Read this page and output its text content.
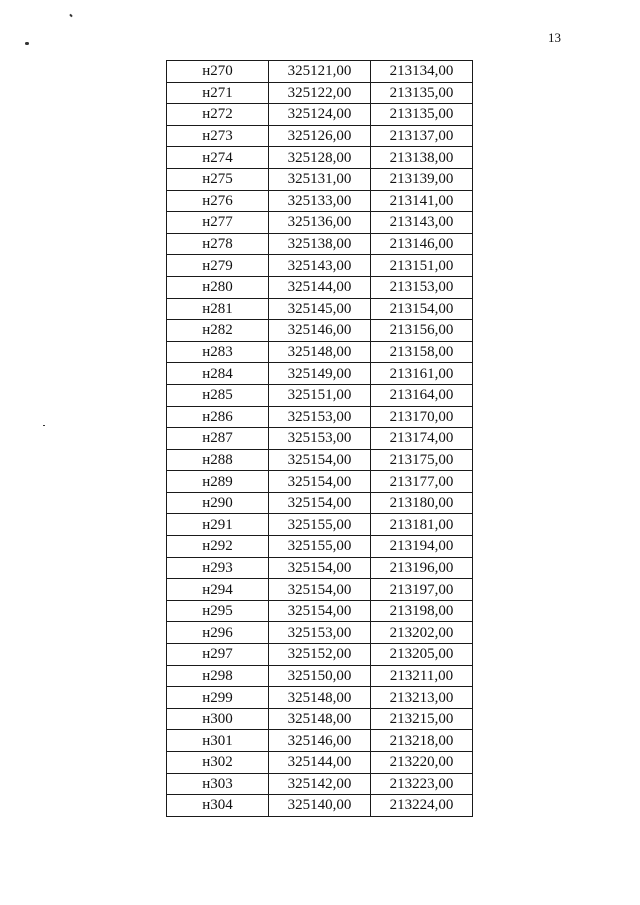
13
н270	325121,00	213134,00
н271	325122,00	213135,00
н272	325124,00	213135,00
н273	325126,00	213137,00
н274	325128,00	213138,00
н275	325131,00	213139,00
н276	325133,00	213141,00
н277	325136,00	213143,00
н278	325138,00	213146,00
н279	325143,00	213151,00
н280	325144,00	213153,00
н281	325145,00	213154,00
н282	325146,00	213156,00
н283	325148,00	213158,00
н284	325149,00	213161,00
н285	325151,00	213164,00
н286	325153,00	213170,00
н287	325153,00	213174,00
н288	325154,00	213175,00
н289	325154,00	213177,00
н290	325154,00	213180,00
н291	325155,00	213181,00
н292	325155,00	213194,00
н293	325154,00	213196,00
н294	325154,00	213197,00
н295	325154,00	213198,00
н296	325153,00	213202,00
н297	325152,00	213205,00
н298	325150,00	213211,00
н299	325148,00	213213,00
н300	325148,00	213215,00
н301	325146,00	213218,00
н302	325144,00	213220,00
н303	325142,00	213223,00
н304	325140,00	213224,00
